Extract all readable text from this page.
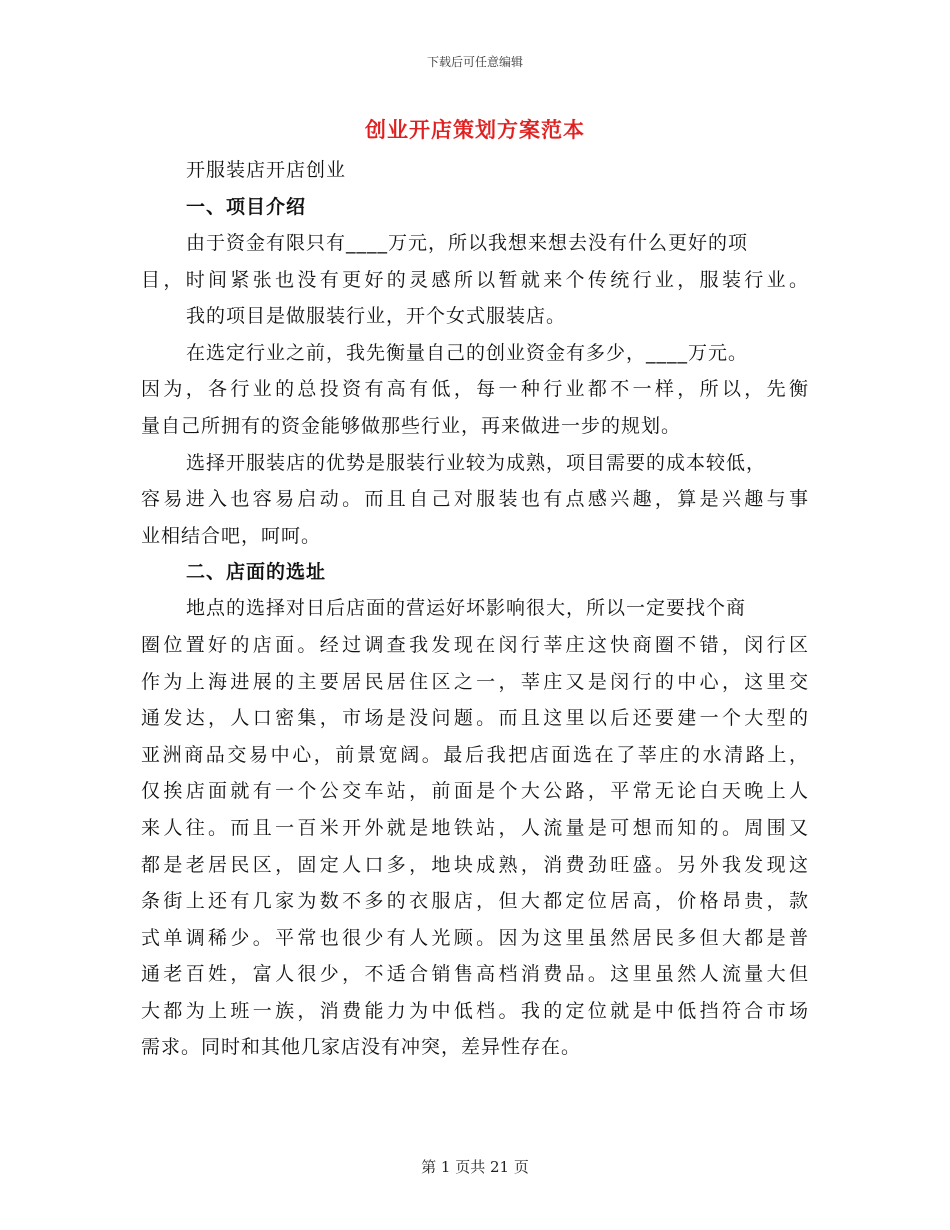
下载后可任意编辑
创业开店策划方案范本
开服装店开店创业
一、项目介绍
由于资金有限只有____万元，所以我想来想去没有什么更好的项
目，时间紧张也没有更好的灵感所以暂就来个传统行业，服装行业。
我的项目是做服装行业，开个女式服装店。
在选定行业之前，我先衡量自己的创业资金有多少，____万元。
因为，各行业的总投资有高有低，每一种行业都不一样，所以，先衡
量自己所拥有的资金能够做那些行业，再来做进一步的规划。
选择开服装店的优势是服装行业较为成熟，项目需要的成本较低，
容易进入也容易启动。而且自己对服装也有点感兴趣，算是兴趣与事
业相结合吧，呵呵。
二、店面的选址
地点的选择对日后店面的营运好坏影响很大，所以一定要找个商
圈位置好的店面。经过调查我发现在闵行莘庄这快商圈不错，闵行区
作为上海进展的主要居民居住区之一，莘庄又是闵行的中心，这里交
通发达，人口密集，市场是没问题。而且这里以后还要建一个大型的
亚洲商品交易中心，前景宽阔。最后我把店面选在了莘庄的水清路上，
仅挨店面就有一个公交车站，前面是个大公路，平常无论白天晚上人
来人往。而且一百米开外就是地铁站，人流量是可想而知的。周围又
都是老居民区，固定人口多，地块成熟，消费劲旺盛。另外我发现这
条街上还有几家为数不多的衣服店，但大都定位居高，价格昂贵，款
式单调稀少。平常也很少有人光顾。因为这里虽然居民多但大都是普
通老百姓，富人很少，不适合销售高档消费品。这里虽然人流量大但
大都为上班一族，消费能力为中低档。我的定位就是中低挡符合市场
需求。同时和其他几家店没有冲突，差异性存在。
第 1 页共 21 页
